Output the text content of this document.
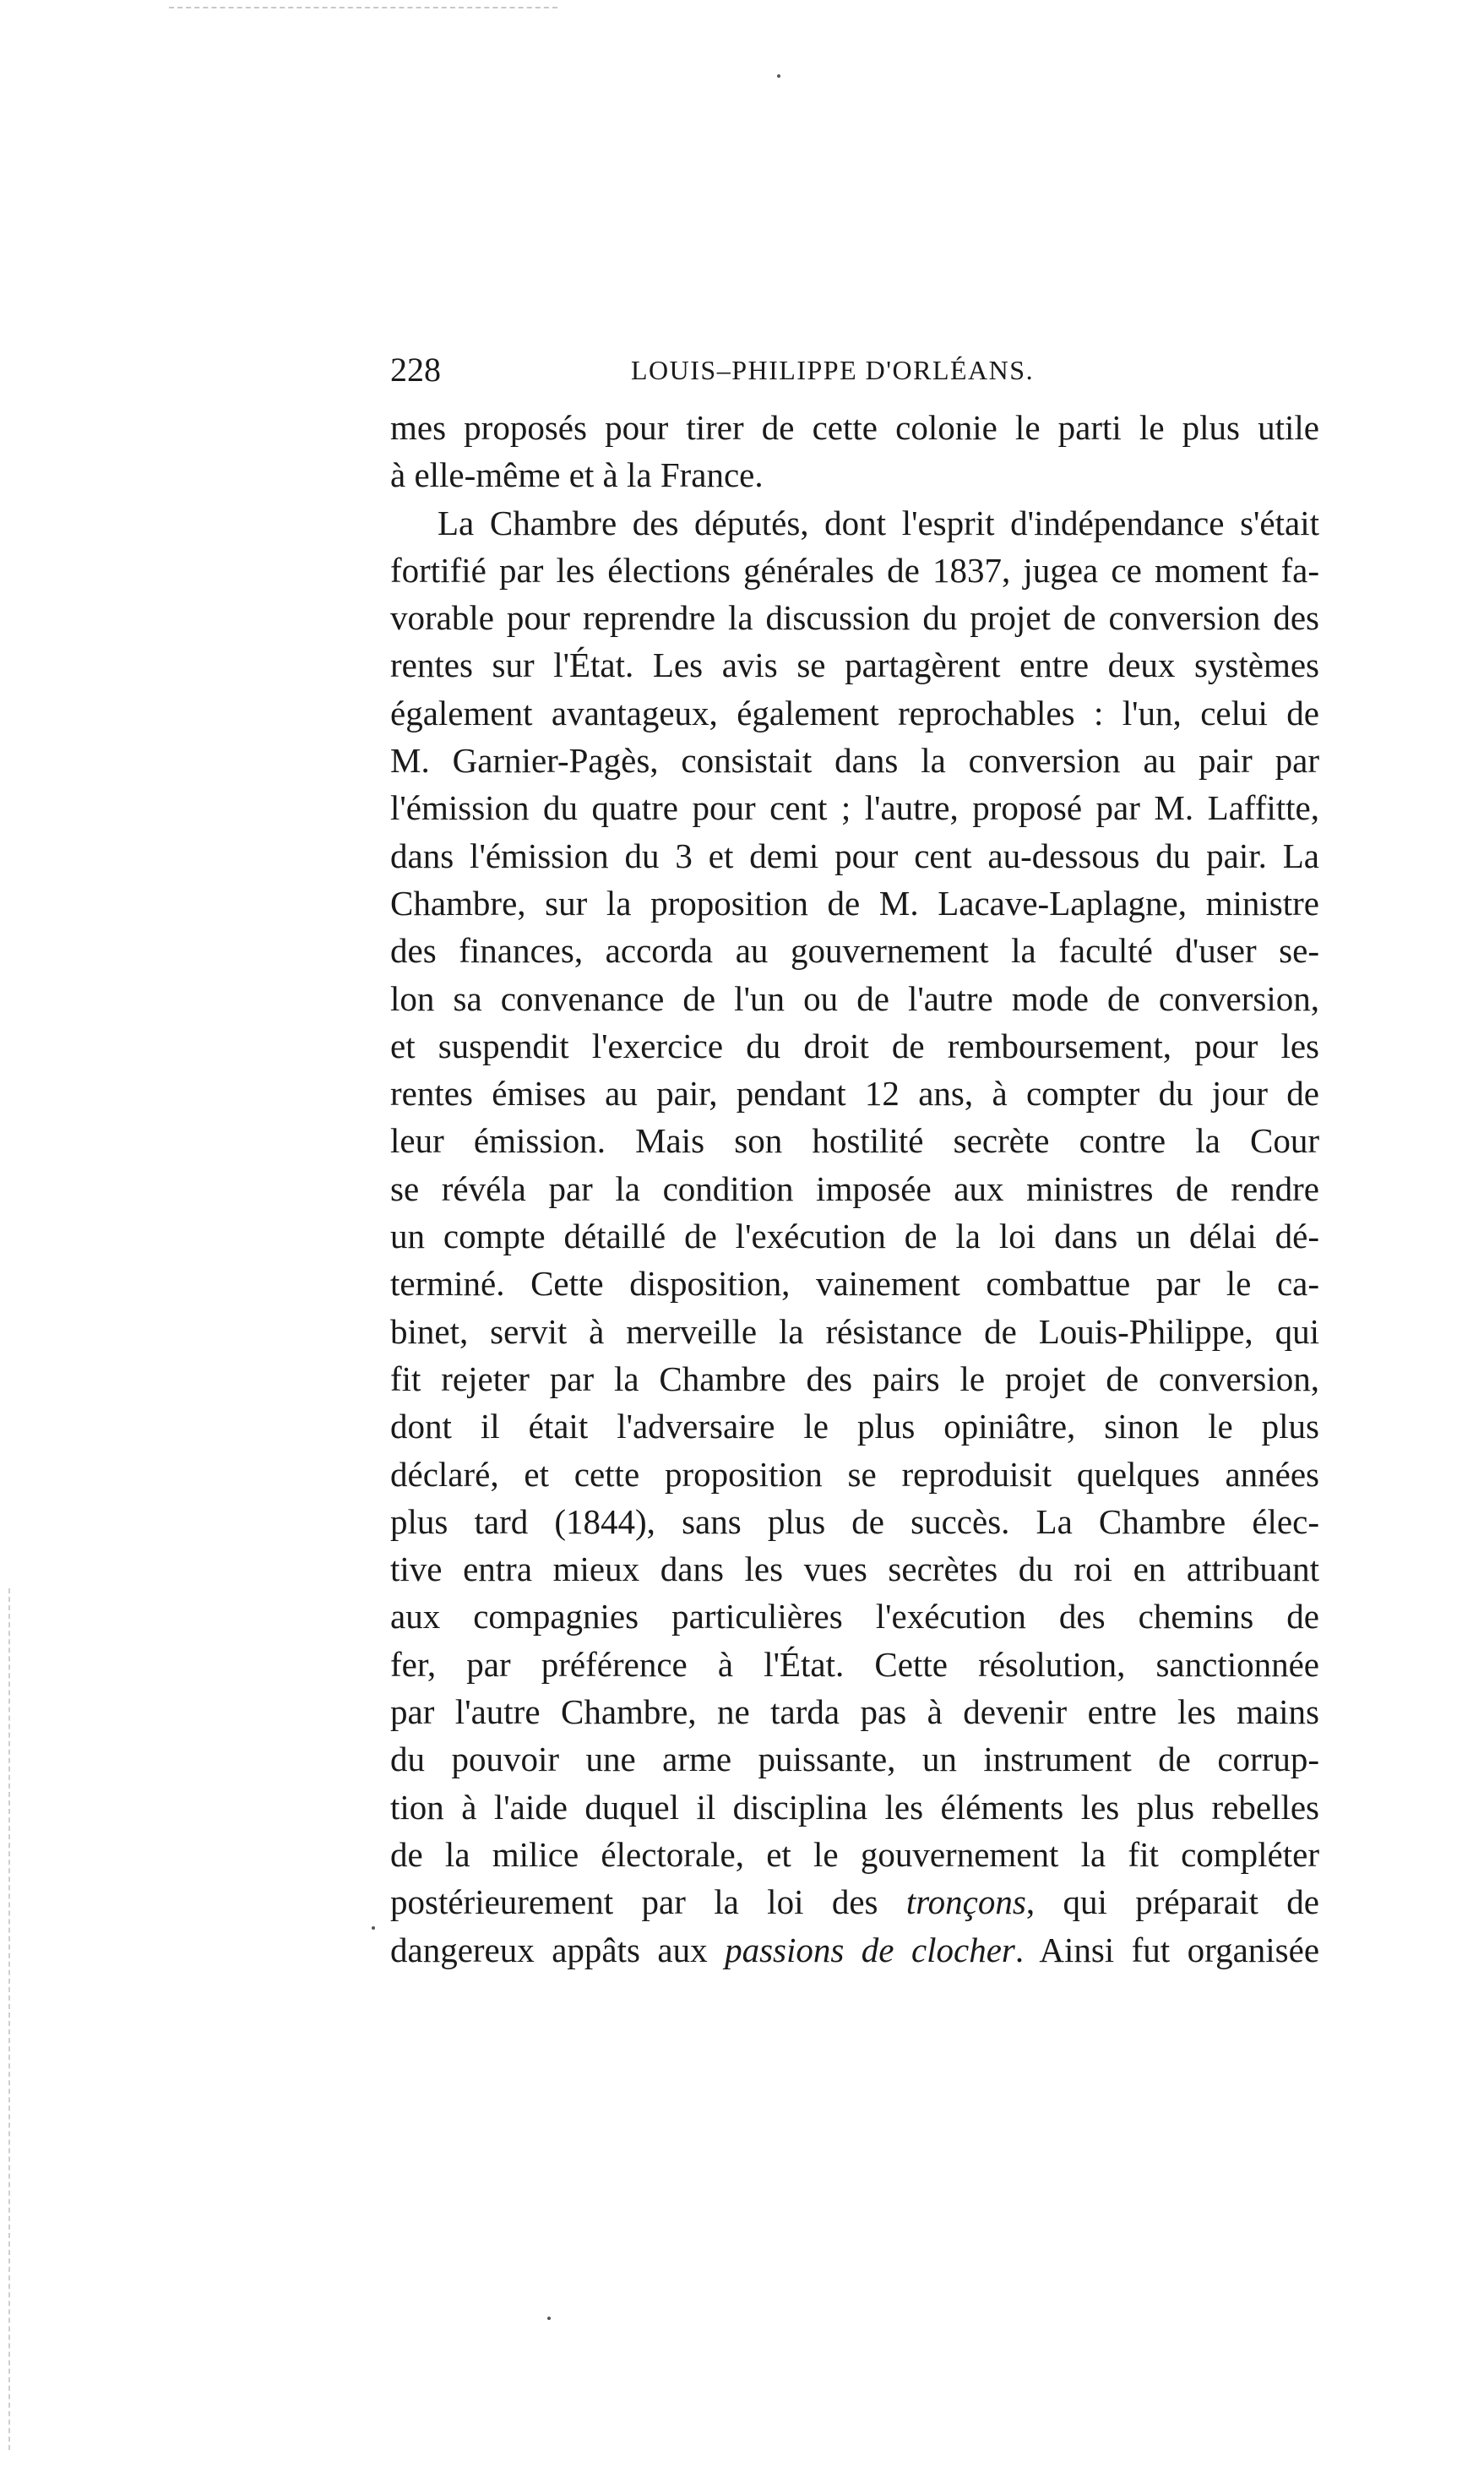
228	LOUIS–PHILIPPE D'ORLÉANS.
mes proposés pour tirer de cette colonie le parti le plus utile
à elle-même et à la France.
La Chambre des députés, dont l'esprit d'indépendance s'était
fortifié par les élections générales de 1837, jugea ce moment fa-
vorable pour reprendre la discussion du projet de conversion des
rentes sur l'État. Les avis se partagèrent entre deux systèmes
également avantageux, également reprochables : l'un, celui de
M. Garnier-Pagès, consistait dans la conversion au pair par
l'émission du quatre pour cent ; l'autre, proposé par M. Laffitte,
dans l'émission du 3 et demi pour cent au-dessous du pair. La
Chambre, sur la proposition de M. Lacave-Laplagne, ministre
des finances, accorda au gouvernement la faculté d'user se-
lon sa convenance de l'un ou de l'autre mode de conversion,
et suspendit l'exercice du droit de remboursement, pour les
rentes émises au pair, pendant 12 ans, à compter du jour de
leur émission. Mais son hostilité secrète contre la Cour
se révéla par la condition imposée aux ministres de rendre
un compte détaillé de l'exécution de la loi dans un délai dé-
terminé. Cette disposition, vainement combattue par le ca-
binet, servit à merveille la résistance de Louis-Philippe, qui
fit rejeter par la Chambre des pairs le projet de conversion,
dont il était l'adversaire le plus opiniâtre, sinon le plus
déclaré, et cette proposition se reproduisit quelques années
plus tard (1844), sans plus de succès. La Chambre élec-
tive entra mieux dans les vues secrètes du roi en attribuant
aux compagnies particulières l'exécution des chemins de
fer, par préférence à l'État. Cette résolution, sanctionnée
par l'autre Chambre, ne tarda pas à devenir entre les mains
du pouvoir une arme puissante, un instrument de corrup-
tion à l'aide duquel il disciplina les éléments les plus rebelles
de la milice électorale, et le gouvernement la fit compléter
postérieurement par la loi des tronçons, qui préparait de
dangereux appâts aux passions de clocher. Ainsi fut organisée
